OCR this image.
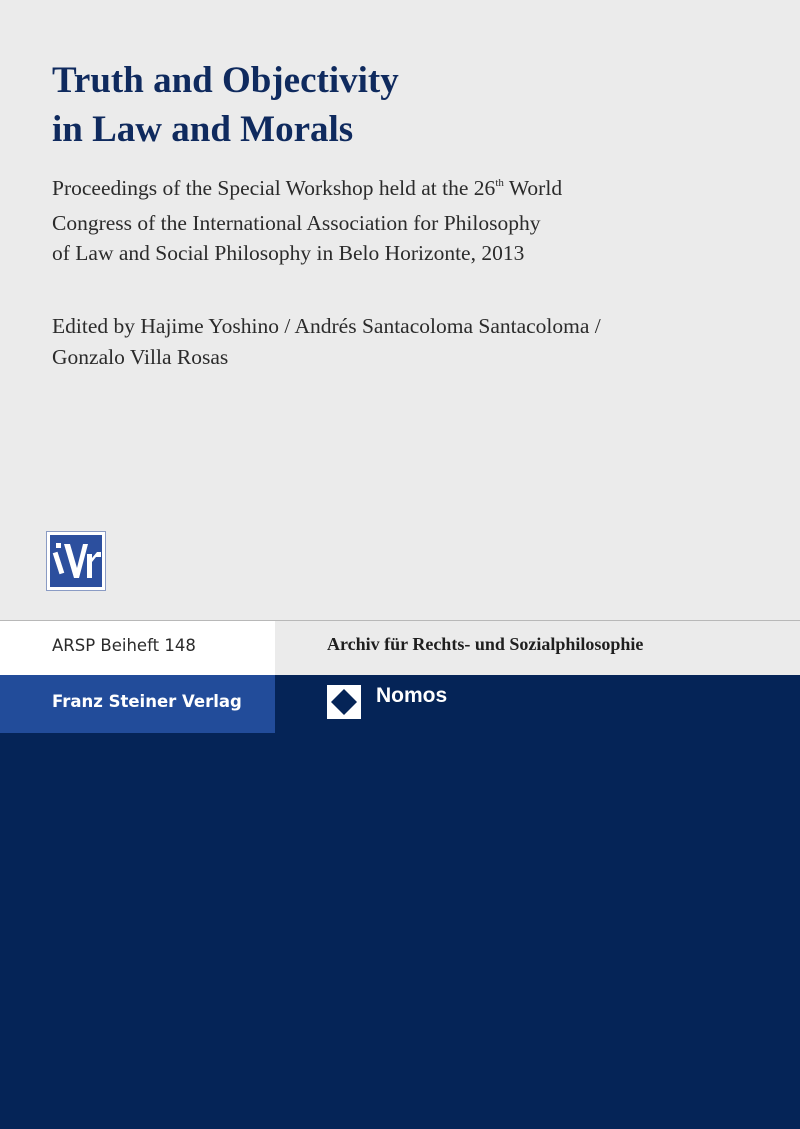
Truth and Objectivity
in Law and Morals
Proceedings of the Special Workshop held at the 26th World
Congress of the International Association for Philosophy
of Law and Social Philosophy in Belo Horizonte, 2013
Edited by Hajime Yoshino / Andrés Santacoloma Santacoloma /
Gonzalo Villa Rosas

ARSP Beiheft 148	Archiv für Rechts- und Sozialphilosophie

Franz Steiner Verlag	Nomos
